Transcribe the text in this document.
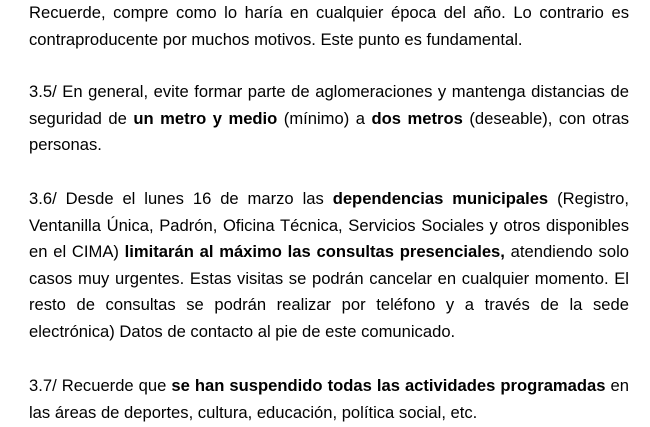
Recuerde, compre como lo haría en cualquier época del año. Lo contrario es contraproducente por muchos motivos. Este punto es fundamental.

3.5/ En general, evite formar parte de aglomeraciones y mantenga distancias de seguridad de un metro y medio (mínimo) a dos metros (deseable), con otras personas.

3.6/ Desde el lunes 16 de marzo las dependencias municipales (Registro, Ventanilla Única, Padrón, Oficina Técnica, Servicios Sociales y otros disponibles en el CIMA) limitarán al máximo las consultas presenciales, atendiendo solo casos muy urgentes. Estas visitas se podrán cancelar en cualquier momento. El resto de consultas se podrán realizar por teléfono y a través de la sede electrónica) Datos de contacto al pie de este comunicado.

3.7/ Recuerde que se han suspendido todas las actividades programadas en las áreas de deportes, cultura, educación, política social, etc.
